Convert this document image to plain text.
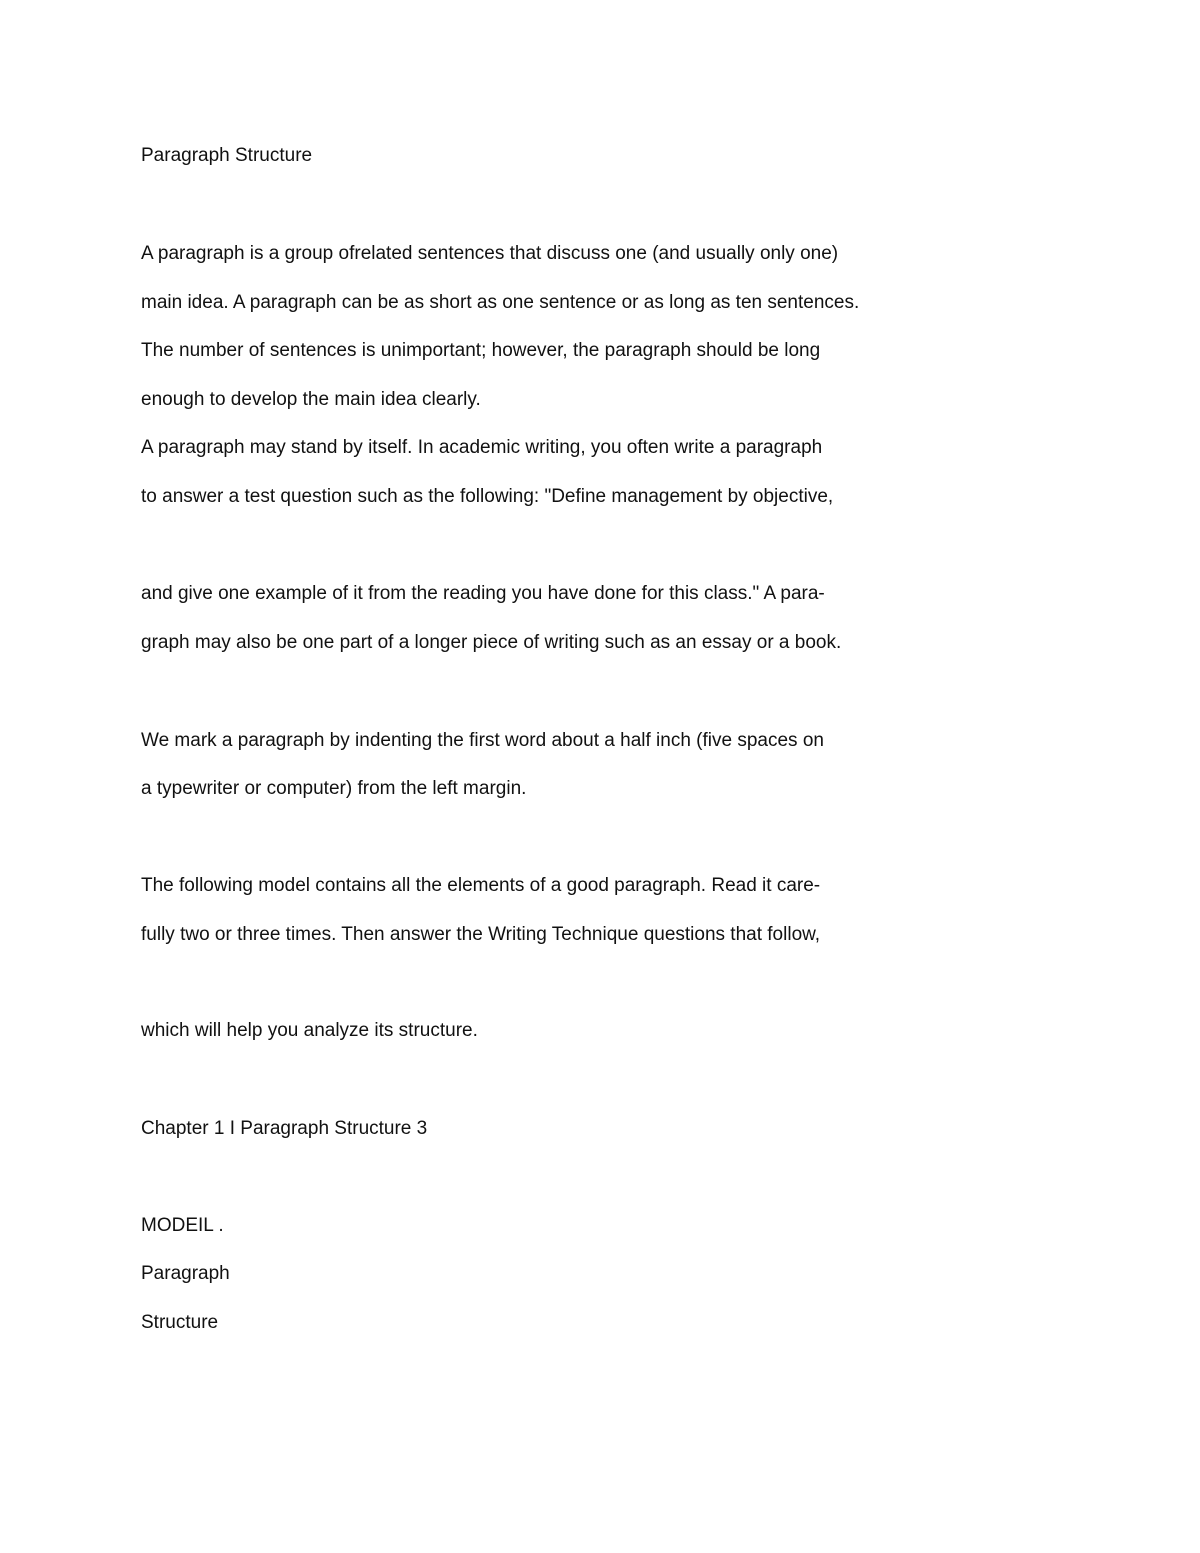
Paragraph Structure

A paragraph is a group ofrelated sentences that discuss one (and usually only one)

main idea. A paragraph can be as short as one sentence or as long as ten sentences.

The number of sentences is unimportant; however, the paragraph should be long

enough to develop the main idea clearly.

A paragraph may stand by itself. In academic writing, you often write a paragraph

to answer a test question such as the following: "Define management by objective,

and give one example of it from the reading you have done for this class." A para-

graph may also be one part of a longer piece of writing such as an essay or a book.

We mark a paragraph by indenting the first word about a half inch (five spaces on

a typewriter or computer) from the left margin.

The following model contains all the elements of a good paragraph. Read it care-

fully two or three times. Then answer the Writing Technique questions that follow,

which will help you analyze its structure.

Chapter 1 I Paragraph Structure 3

MODEIL .

Paragraph

Structure
